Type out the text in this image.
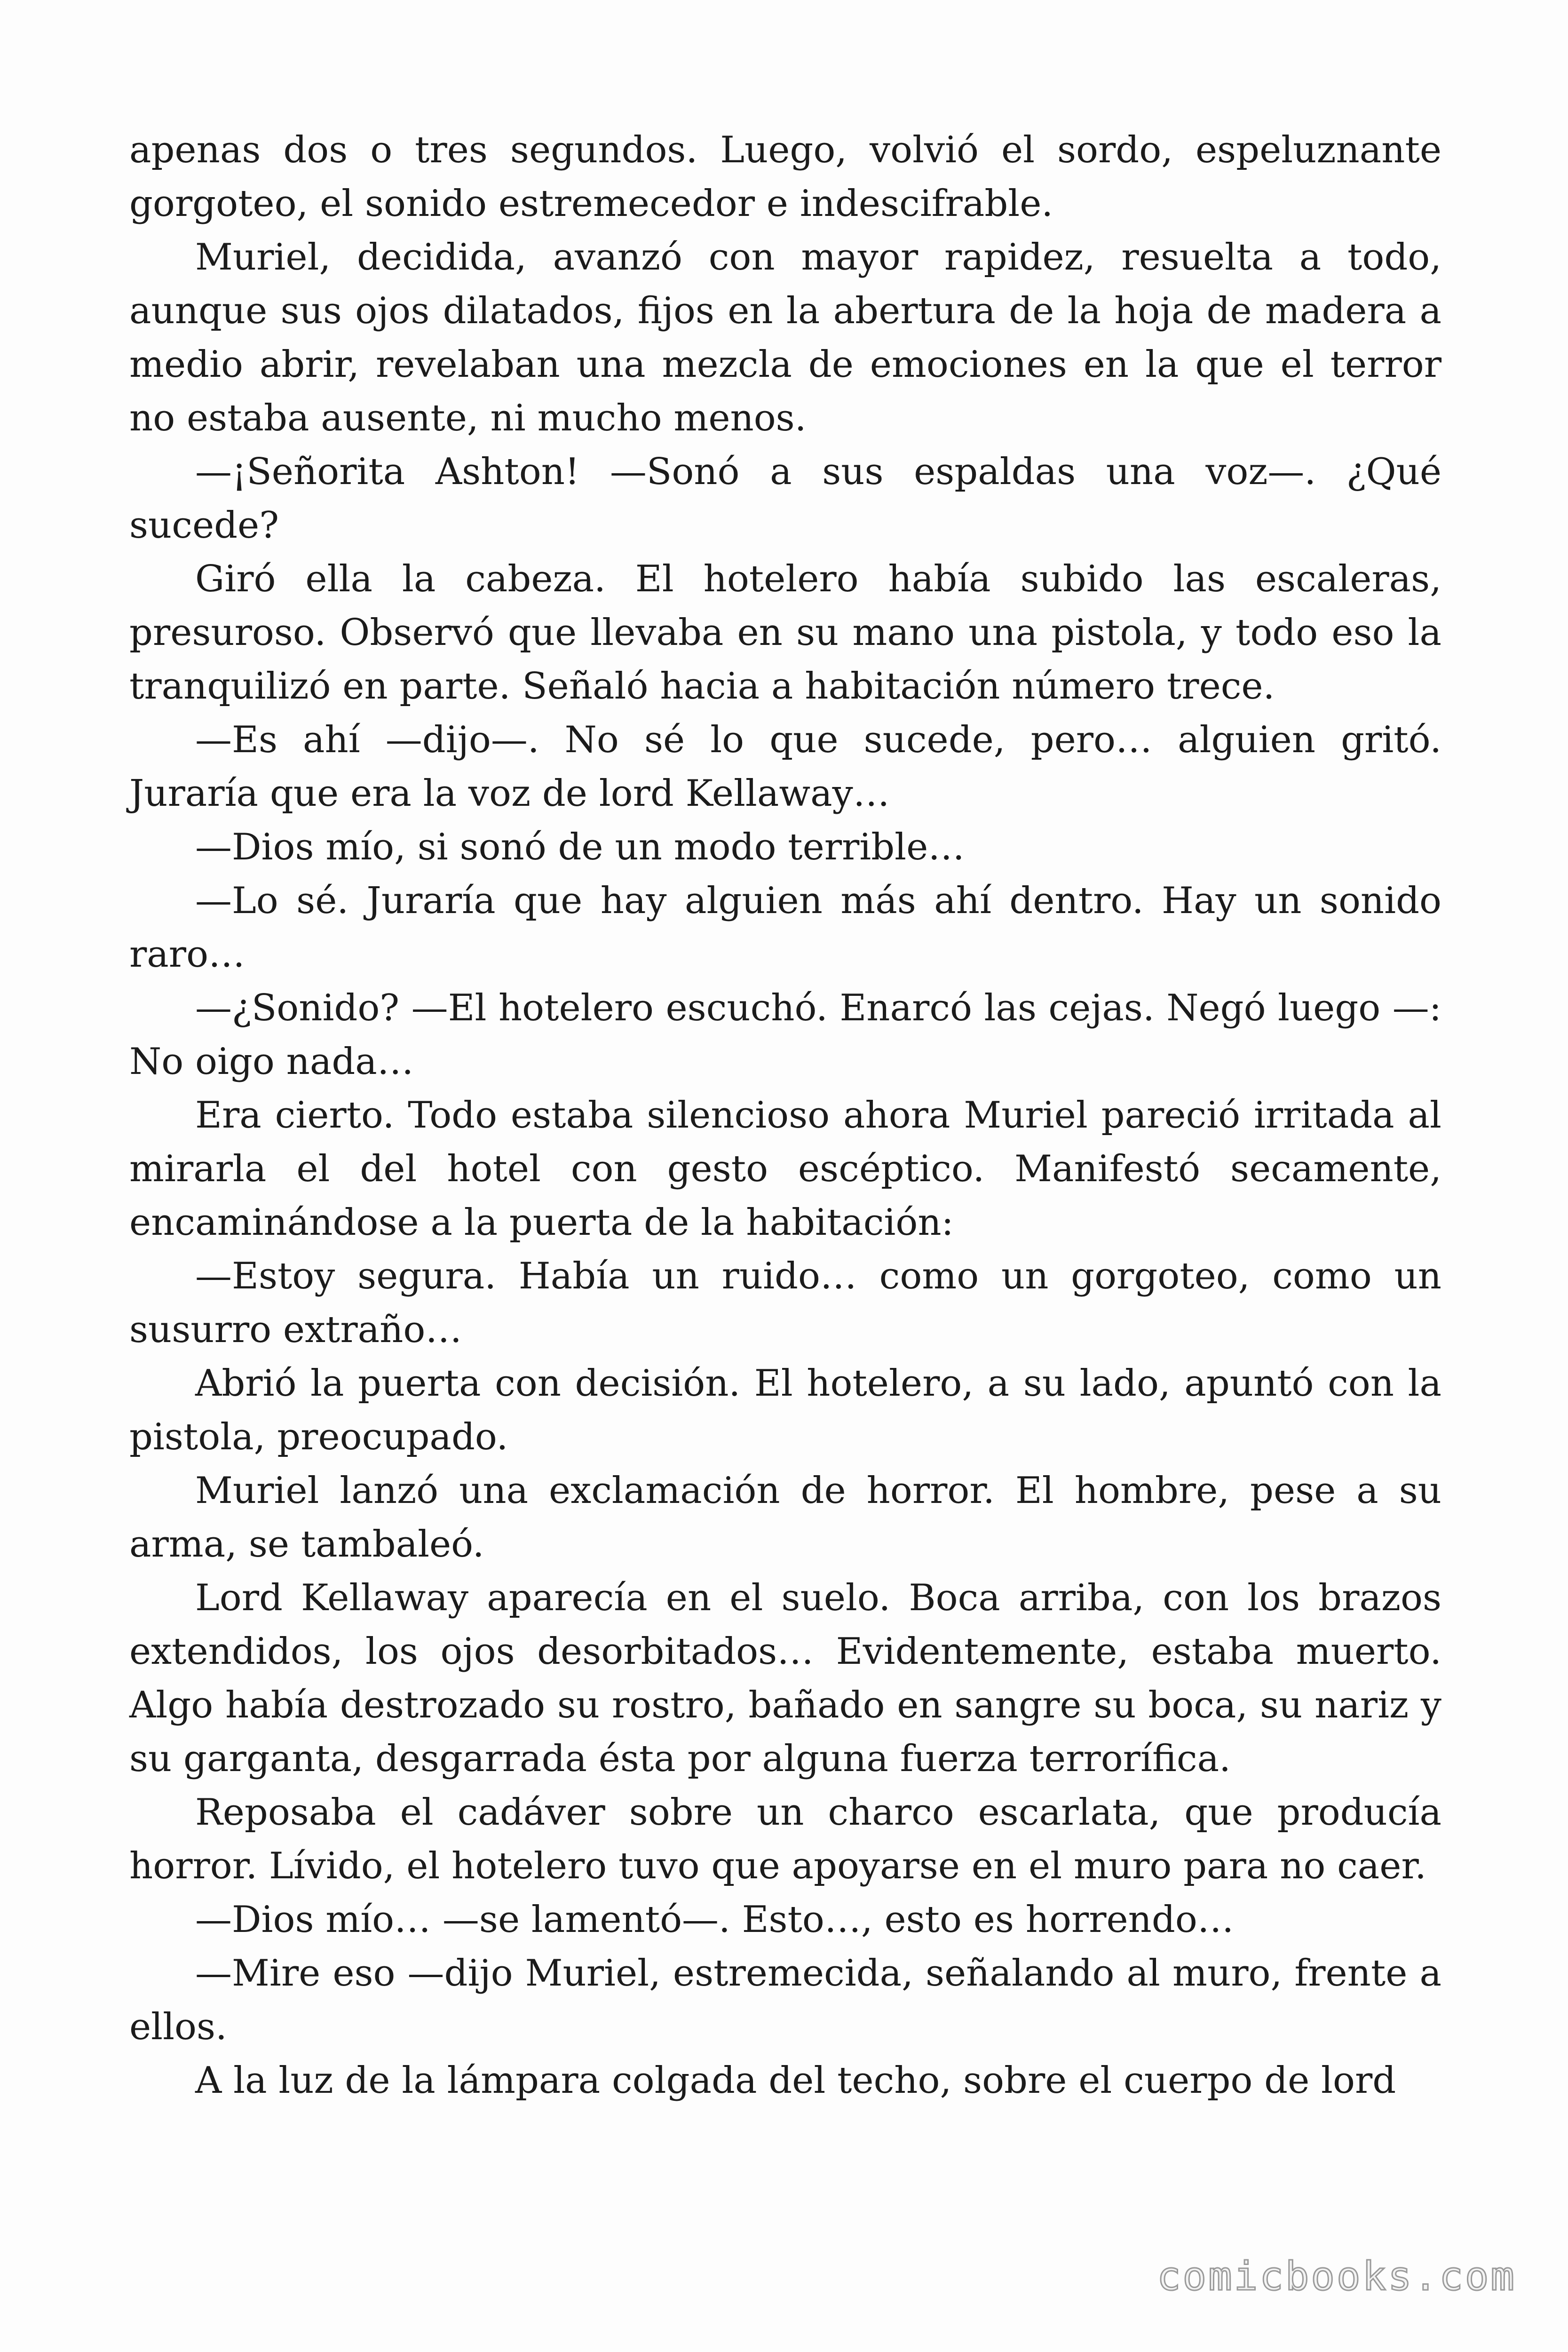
apenas dos o tres segundos. Luego, volvió el sordo, espeluznante gorgoteo, el sonido estremecedor e indescifrable.

Muriel, decidida, avanzó con mayor rapidez, resuelta a todo, aunque sus ojos dilatados, fijos en la abertura de la hoja de madera a medio abrir, revelaban una mezcla de emociones en la que el terror no estaba ausente, ni mucho menos.

—¡Señorita Ashton! —Sonó a sus espaldas una voz—. ¿Qué sucede?

Giró ella la cabeza. El hotelero había subido las escaleras, presuroso. Observó que llevaba en su mano una pistola, y todo eso la tranquilizó en parte. Señaló hacia a habitación número trece.

—Es ahí —dijo—. No sé lo que sucede, pero… alguien gritó. Juraría que era la voz de lord Kellaway…

—Dios mío, si sonó de un modo terrible…

—Lo sé. Juraría que hay alguien más ahí dentro. Hay un sonido raro…

—¿Sonido? —El hotelero escuchó. Enarcó las cejas. Negó luego —: No oigo nada…

Era cierto. Todo estaba silencioso ahora Muriel pareció irritada al mirarla el del hotel con gesto escéptico. Manifestó secamente, encaminándose a la puerta de la habitación:

—Estoy segura. Había un ruido… como un gorgoteo, como un susurro extraño…

Abrió la puerta con decisión. El hotelero, a su lado, apuntó con la pistola, preocupado.

Muriel lanzó una exclamación de horror. El hombre, pese a su arma, se tambaleó.

Lord Kellaway aparecía en el suelo. Boca arriba, con los brazos extendidos, los ojos desorbitados… Evidentemente, estaba muerto. Algo había destrozado su rostro, bañado en sangre su boca, su nariz y su garganta, desgarrada ésta por alguna fuerza terrorífica.

Reposaba el cadáver sobre un charco escarlata, que producía horror. Lívido, el hotelero tuvo que apoyarse en el muro para no caer.

—Dios mío… —se lamentó—. Esto…, esto es horrendo…

—Mire eso —dijo Muriel, estremecida, señalando al muro, frente a ellos.

A la luz de la lámpara colgada del techo, sobre el cuerpo de lord

comicbooks.com
